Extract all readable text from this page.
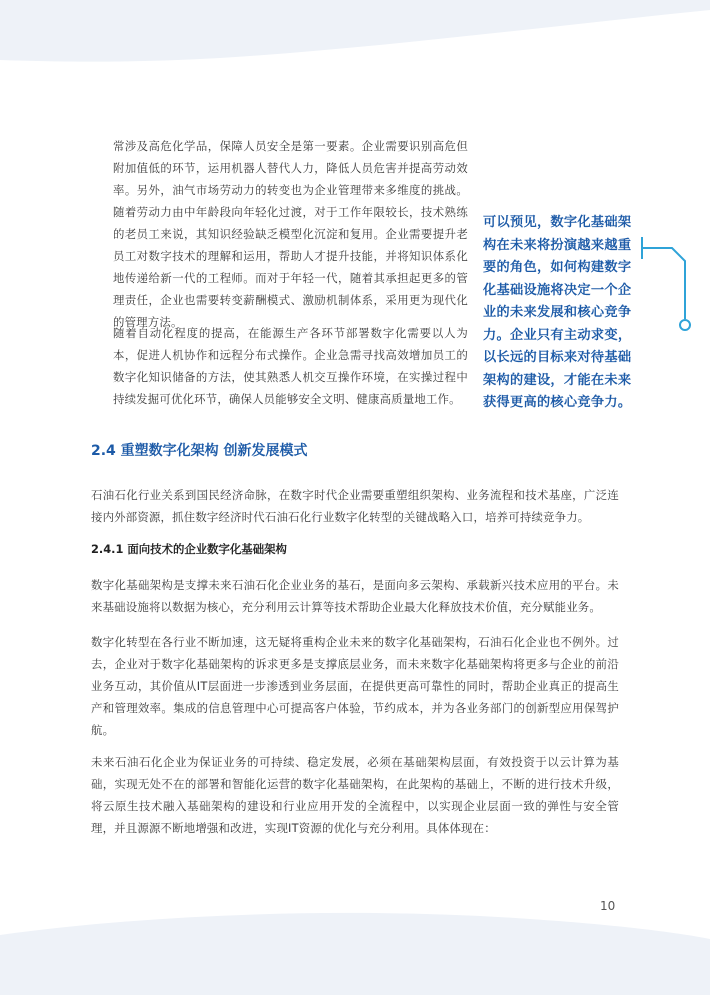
常涉及高危化学品，保障人员安全是第一要素。企业需要识别高危但附加值低的环节，运用机器人替代人力，降低人员危害并提高劳动效率。另外，油气市场劳动力的转变也为企业管理带来多维度的挑战。随着劳动力由中年龄段向年轻化过渡，对于工作年限较长，技术熟练的老员工来说，其知识经验缺乏模型化沉淀和复用。企业需要提升老员工对数字技术的理解和运用，帮助人才提升技能，并将知识体系化地传递给新一代的工程师。而对于年轻一代，随着其承担起更多的管理责任，企业也需要转变薪酬模式、激励机制体系，采用更为现代化的管理方法。

随着自动化程度的提高，在能源生产各环节部署数字化需要以人为本，促进人机协作和远程分布式操作。企业急需寻找高效增加员工的数字化知识储备的方法，使其熟悉人机交互操作环境，在实操过程中持续发掘可优化环节，确保人员能够安全文明、健康高质量地工作。

可以预见，数字化基础架构在未来将扮演越来越重要的角色，如何构建数字化基础设施将决定一个企业的未来发展和核心竞争力。企业只有主动求变，以长远的目标来对待基础架构的建设，才能在未来获得更高的核心竞争力。

2.4 重塑数字化架构 创新发展模式

石油石化行业关系到国民经济命脉，在数字时代企业需要重塑组织架构、业务流程和技术基座，广泛连接内外部资源，抓住数字经济时代石油石化行业数字化转型的关键战略入口，培养可持续竞争力。

2.4.1 面向技术的企业数字化基础架构

数字化基础架构是支撑未来石油石化企业业务的基石，是面向多云架构、承载新兴技术应用的平台。未来基础设施将以数据为核心，充分利用云计算等技术帮助企业最大化释放技术价值，充分赋能业务。

数字化转型在各行业不断加速，这无疑将重构企业未来的数字化基础架构，石油石化企业也不例外。过去，企业对于数字化基础架构的诉求更多是支撑底层业务，而未来数字化基础架构将更多与企业的前沿业务互动，其价值从IT层面进一步渗透到业务层面，在提供更高可靠性的同时，帮助企业真正的提高生产和管理效率。集成的信息管理中心可提高客户体验，节约成本，并为各业务部门的创新型应用保驾护航。

未来石油石化企业为保证业务的可持续、稳定发展，必须在基础架构层面，有效投资于以云计算为基础，实现无处不在的部署和智能化运营的数字化基础架构，在此架构的基础上，不断的进行技术升级，将云原生技术融入基础架构的建设和行业应用开发的全流程中，以实现企业层面一致的弹性与安全管理，并且源源不断地增强和改进，实现IT资源的优化与充分利用。具体体现在：

10
